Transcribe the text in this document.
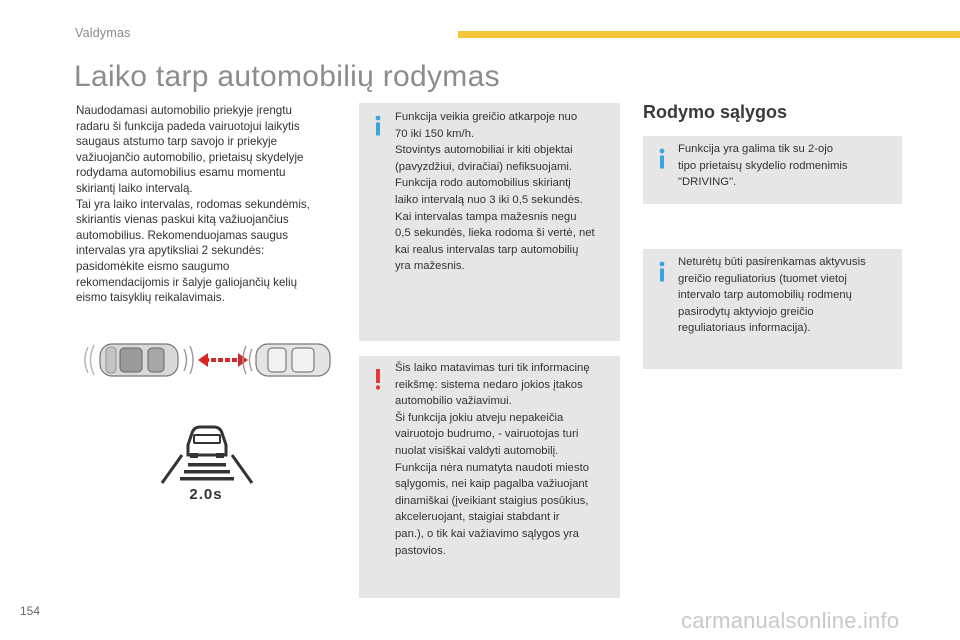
Valdymas
Laiko tarp automobilių rodymas
Naudodamasi automobilio priekyje įrengtu
radaru ši funkcija padeda vairuotojui laikytis
saugaus atstumo tarp savojo ir priekyje
važiuojančio automobilio, prietaisų skydelyje
rodydama automobilius esamu momentu
skiriantį laiko intervalą.
Tai yra laiko intervalas, rodomas sekundėmis,
skiriantis vienas paskui kitą važiuojančius
automobilius. Rekomenduojamas saugus
intervalas yra apytiksliai 2 sekundės:
pasidomėkite eismo saugumo
rekomendacijomis ir šalyje galiojančių kelių
eismo taisyklių reikalavimais.
2.0s
Funkcija veikia greičio atkarpoje nuo
70 iki 150 km/h.
Stovintys automobiliai ir kiti objektai
(pavyzdžiui, dviračiai) nefiksuojami.
Funkcija rodo automobilius skiriantį
laiko intervalą nuo 3 iki 0,5 sekundės.
Kai intervalas tampa mažesnis negu
0,5 sekundės, lieka rodoma ši vertė, net
kai realus intervalas tarp automobilių
yra mažesnis.
Šis laiko matavimas turi tik informacinę
reikšmę: sistema nedaro jokios įtakos
automobilio važiavimui.
Ši funkcija jokiu atveju nepakeičia
vairuotojo budrumo, - vairuotojas turi
nuolat visiškai valdyti automobilį.
Funkcija nėra numatyta naudoti miesto
sąlygomis, nei kaip pagalba važiuojant
dinamiškai (įveikiant staigius posūkius,
akceleruojant, staigiai stabdant ir
pan.), o tik kai važiavimo sąlygos yra
pastovios.
Rodymo sąlygos
Funkcija yra galima tik su 2-ojo
tipo prietaisų skydelio rodmenimis
"DRIVING".
Neturėtų būti pasirenkamas aktyvusis
greičio reguliatorius (tuomet vietoj
intervalo tarp automobilių rodmenų
pasirodytų aktyviojo greičio
reguliatoriaus informacija).
154	carmanualsonline.info
